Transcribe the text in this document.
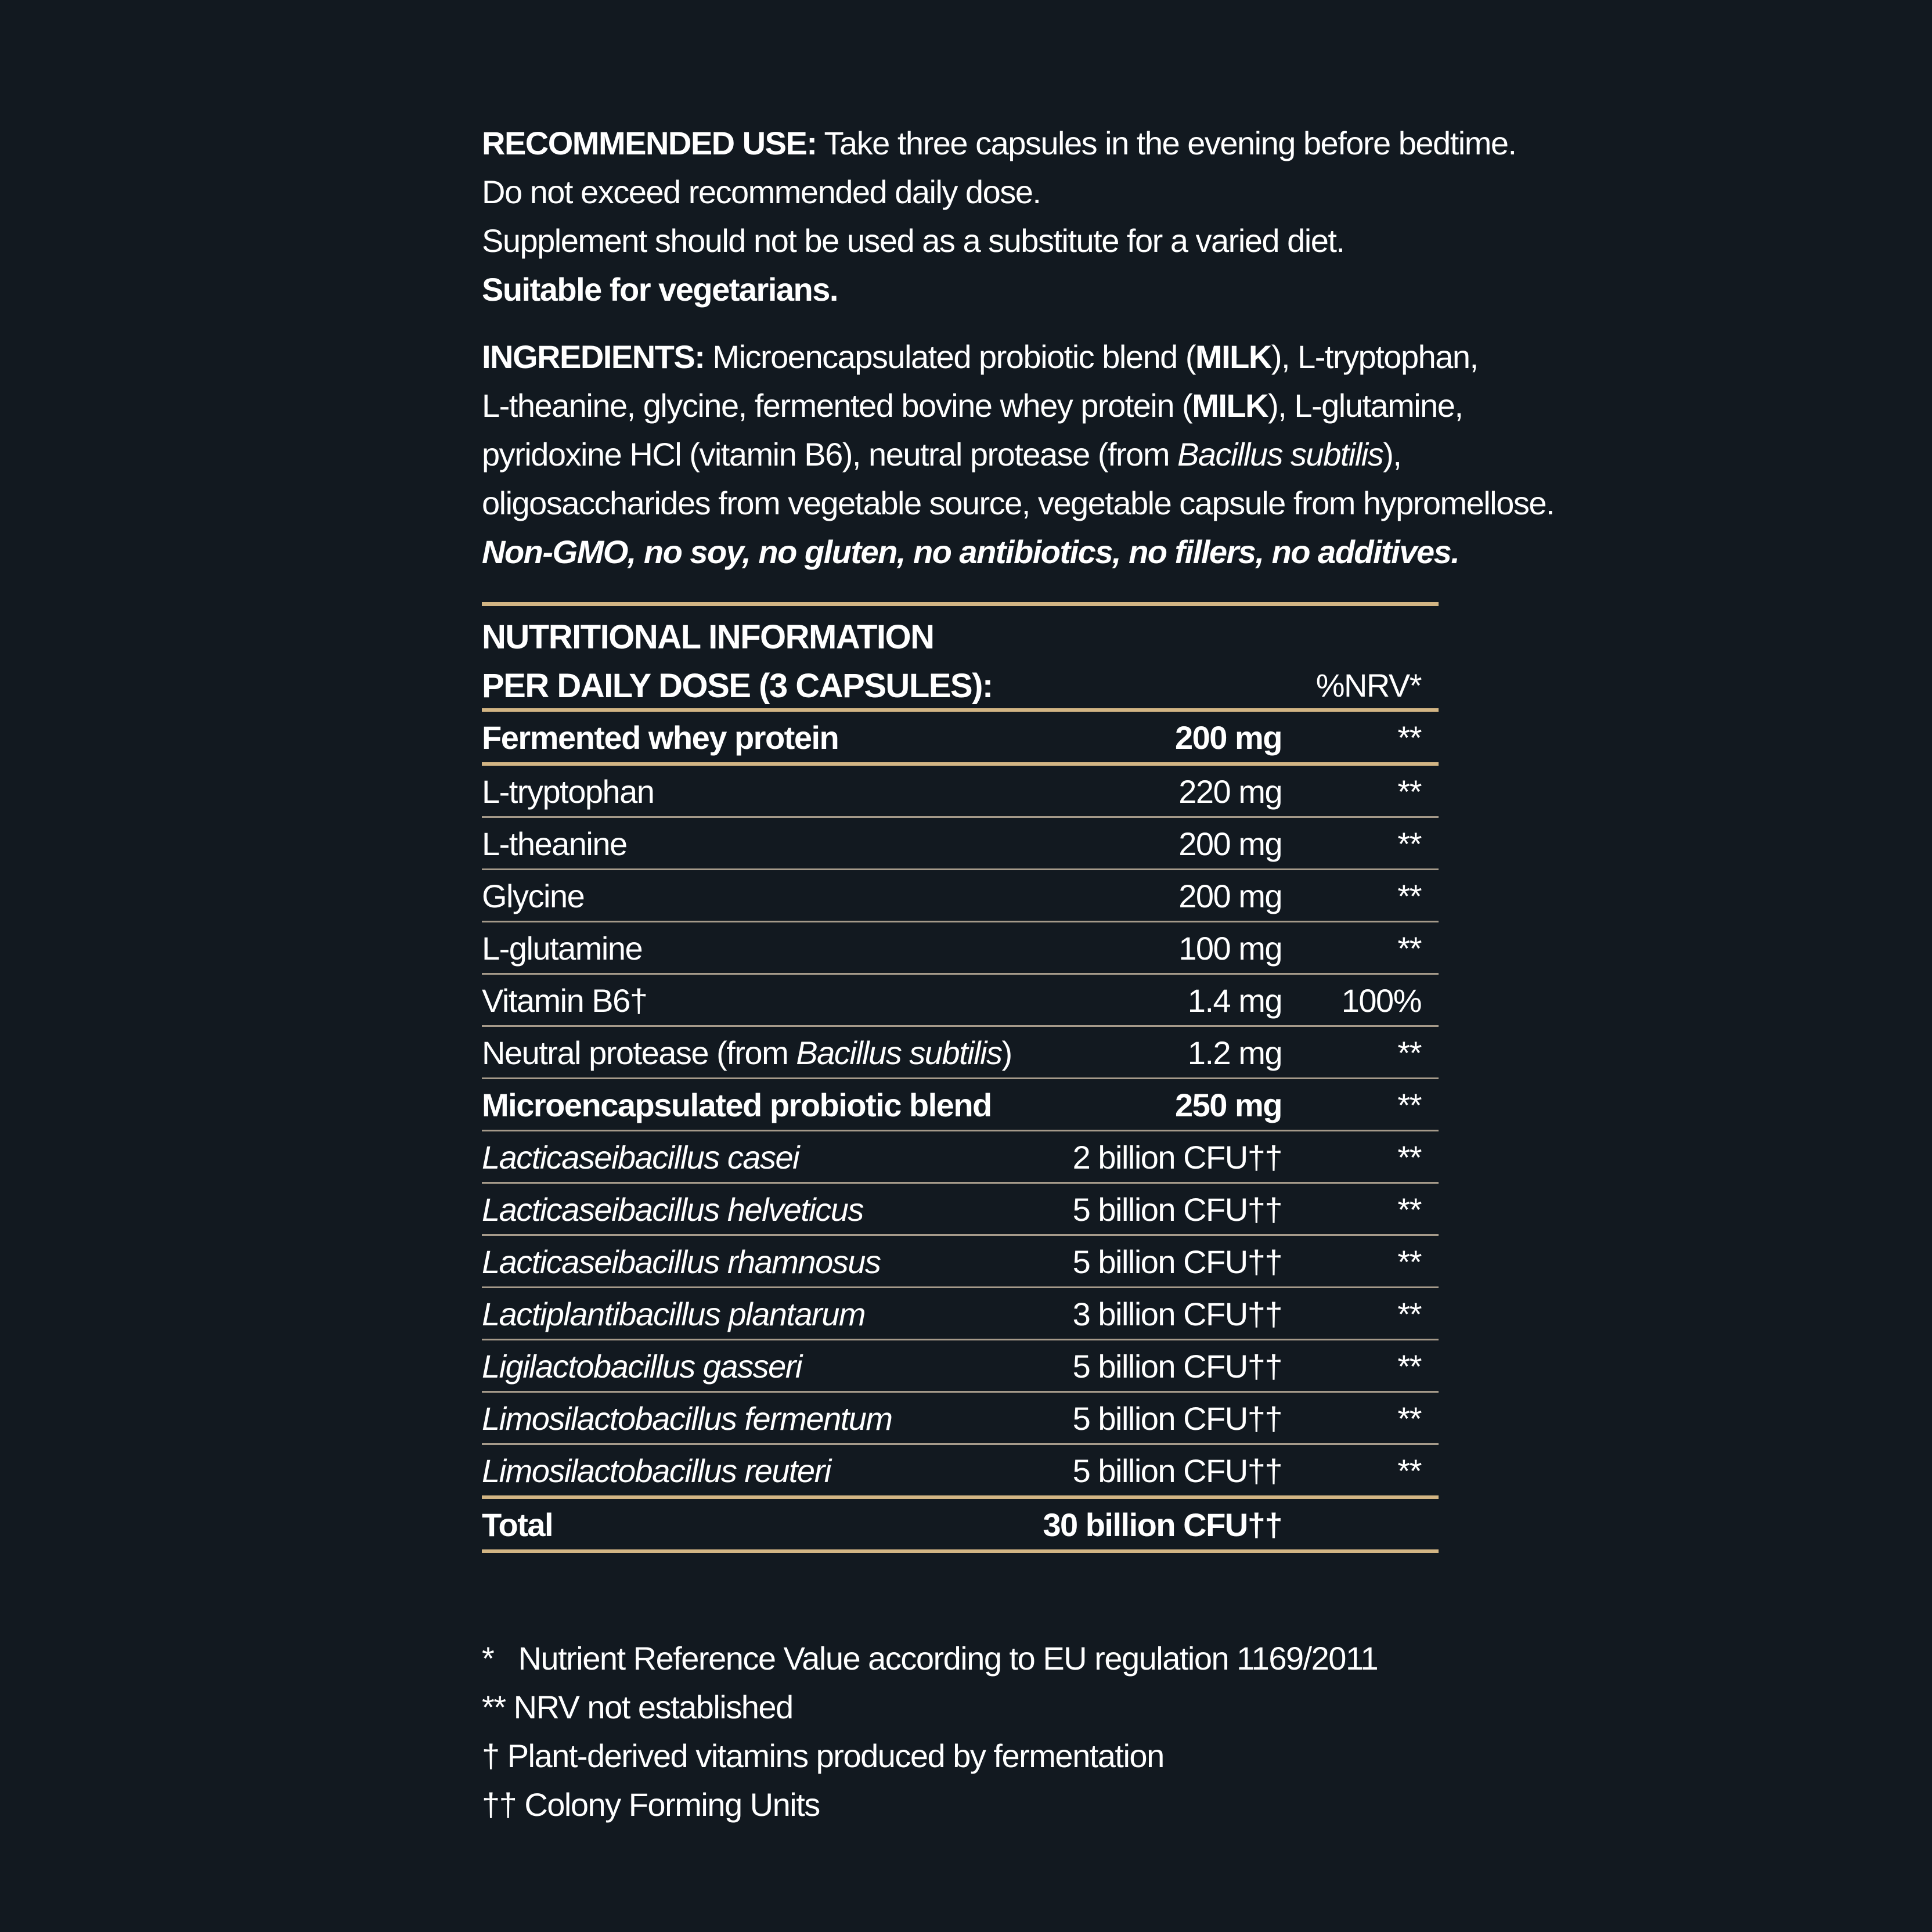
RECOMMENDED USE: Take three capsules in the evening before bedtime.
Do not exceed recommended daily dose.
Supplement should not be used as a substitute for a varied diet.
Suitable for vegetarians.
INGREDIENTS: Microencapsulated probiotic blend (MILK), L-tryptophan,
L-theanine, glycine, fermented bovine whey protein (MILK), L-glutamine,
pyridoxine HCl (vitamin B6), neutral protease (from Bacillus subtilis),
oligosaccharides from vegetable source, vegetable capsule from hypromellose.
Non-GMO, no soy, no gluten, no antibiotics, no fillers, no additives.
NUTRITIONAL INFORMATION
PER DAILY DOSE (3 CAPSULES):	%NRV*
Fermented whey protein	200 mg	**
L-tryptophan	220 mg	**
L-theanine	200 mg	**
Glycine	200 mg	**
L-glutamine	100 mg	**
Vitamin B6†	1.4 mg 100%
Neutral protease (from Bacillus subtilis)	1.2 mg	**
Microencapsulated probiotic blend	250 mg	**
Lacticaseibacillus casei	2 billion CFU††	**
Lacticaseibacillus helveticus	5 billion CFU††	**
Lacticaseibacillus rhamnosus	5 billion CFU††	**
Lactiplantibacillus plantarum	3 billion CFU††	**
Ligilactobacillus gasseri	5 billion CFU††	**
Limosilactobacillus fermentum	5 billion CFU††	**
Limosilactobacillus reuteri	5 billion CFU††	**
Total	30 billion CFU††
* Nutrient Reference Value according to EU regulation 1169/2011
** NRV not established
† Plant-derived vitamins produced by fermentation
†† Colony Forming Units
